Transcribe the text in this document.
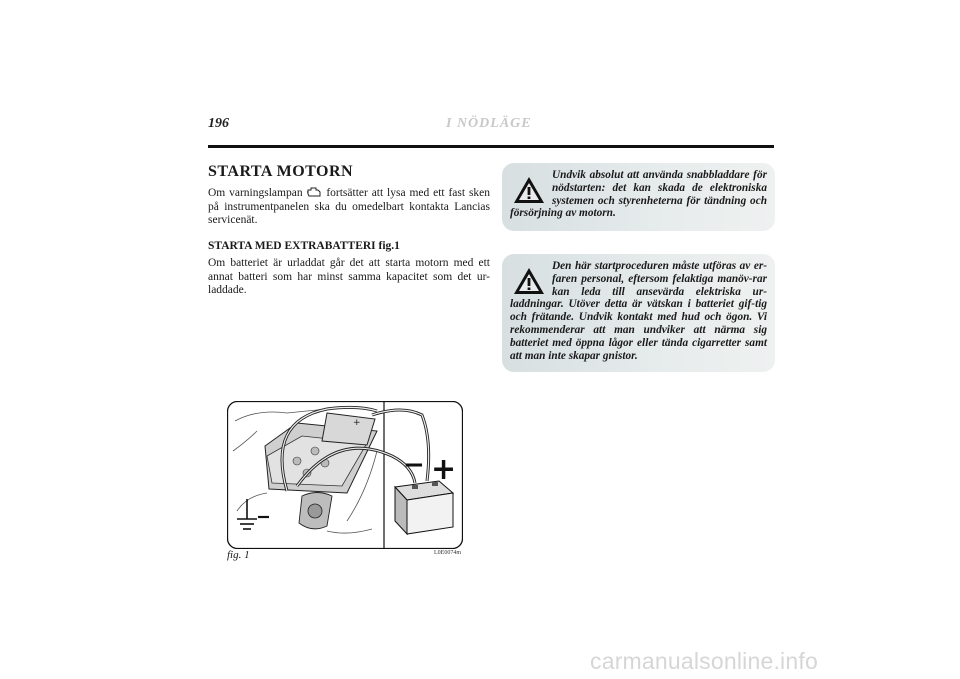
196	I NÖDLÄGE
STARTA MOTORN
Om varningslampan fortsätter att lysa med ett fast sken på instrumentpanelen ska du omedelbart kontakta Lancias servicenät.
STARTA MED EXTRABATTERI fig.1
Om batteriet är urladdat går det att starta motorn med ett annat batteri som har minst samma kapacitet som det ur-laddade.
Undvik absolut att använda snabbladdare för nödstarten: det kan skada de elektroniska systemen och styrenheterna för tändning och försörjning av motorn.
Den här startproceduren måste utföras av er-faren personal, eftersom felaktiga manöv-rar kan leda till ansevärda elektriska ur-laddningar. Utöver detta är vätskan i batteriet gif-tig och frätande. Undvik kontakt med hud och ögon. Vi rekommenderar att man undviker att närma sig batteriet med öppna lågor eller tända cigarretter samt att man inte skapar gnistor.
+
− +
fig. 1	L0E0074m
carmanualsonline.info
